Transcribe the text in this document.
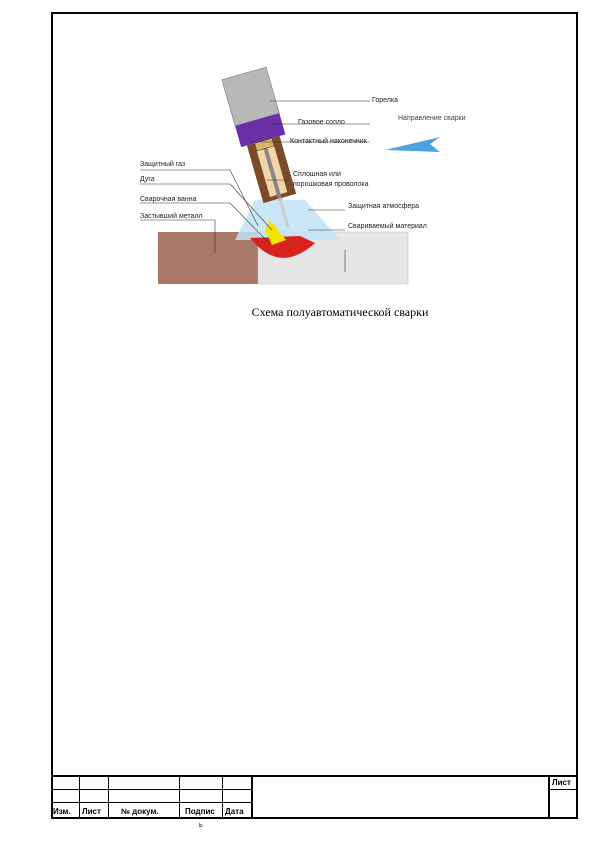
Горелка
Газовое сопло
Направление сварки
Контактный наконечник
Защитный газ
Дуга
Сплошная или
порошковая проволока
Сварочная ванна
Защитная атмосфера
Застывший металл
Свариваемый материал
Схема полуавтоматической сварки
Изм. Лист	№ докум.	Подпис Дата
Лист
ь
